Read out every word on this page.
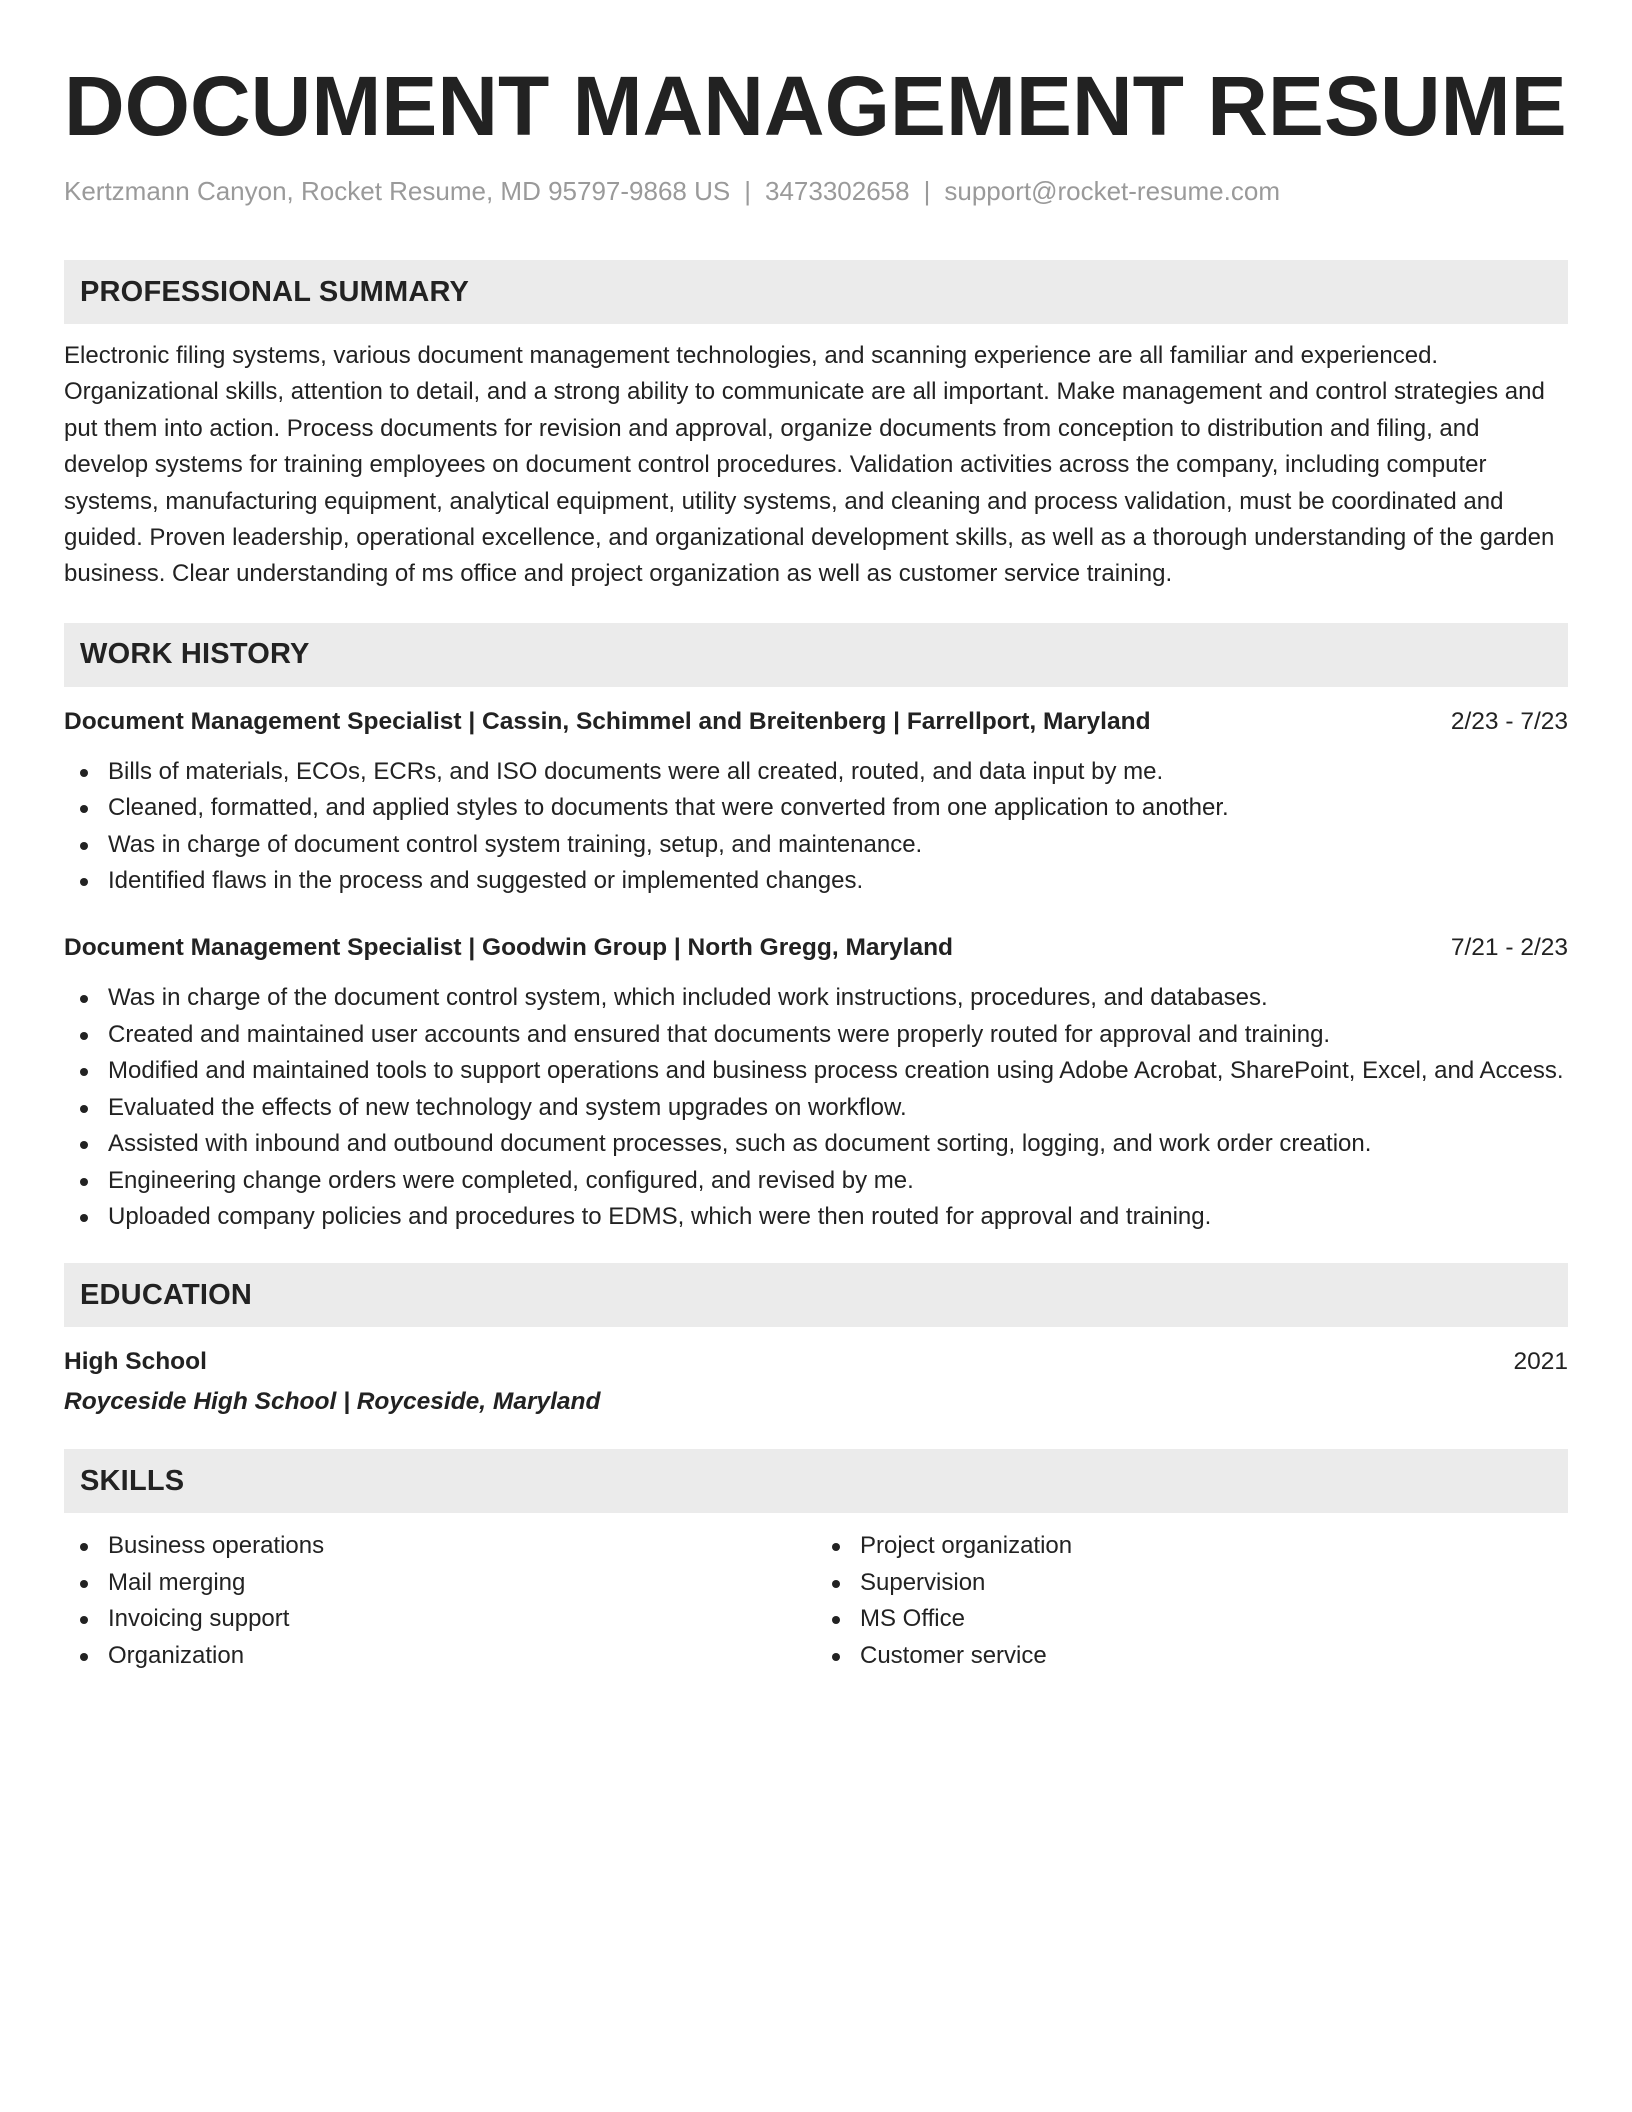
DOCUMENT MANAGEMENT RESUME
Kertzmann Canyon, Rocket Resume, MD 95797-9868 US | 3473302658 | support@rocket-resume.com
PROFESSIONAL SUMMARY
Electronic filing systems, various document management technologies, and scanning experience are all familiar and experienced. Organizational skills, attention to detail, and a strong ability to communicate are all important. Make management and control strategies and put them into action. Process documents for revision and approval, organize documents from conception to distribution and filing, and develop systems for training employees on document control procedures. Validation activities across the company, including computer systems, manufacturing equipment, analytical equipment, utility systems, and cleaning and process validation, must be coordinated and guided. Proven leadership, operational excellence, and organizational development skills, as well as a thorough understanding of the garden business. Clear understanding of ms office and project organization as well as customer service training.
WORK HISTORY
Document Management Specialist | Cassin, Schimmel and Breitenberg | Farrellport, Maryland	2/23 - 7/23
Bills of materials, ECOs, ECRs, and ISO documents were all created, routed, and data input by me.
Cleaned, formatted, and applied styles to documents that were converted from one application to another.
Was in charge of document control system training, setup, and maintenance.
Identified flaws in the process and suggested or implemented changes.
Document Management Specialist | Goodwin Group | North Gregg, Maryland	7/21 - 2/23
Was in charge of the document control system, which included work instructions, procedures, and databases.
Created and maintained user accounts and ensured that documents were properly routed for approval and training.
Modified and maintained tools to support operations and business process creation using Adobe Acrobat, SharePoint, Excel, and Access.
Evaluated the effects of new technology and system upgrades on workflow.
Assisted with inbound and outbound document processes, such as document sorting, logging, and work order creation.
Engineering change orders were completed, configured, and revised by me.
Uploaded company policies and procedures to EDMS, which were then routed for approval and training.
EDUCATION
High School	2021
Royceside High School | Royceside, Maryland
SKILLS
Business operations
Mail merging
Invoicing support
Organization
Project organization
Supervision
MS Office
Customer service
